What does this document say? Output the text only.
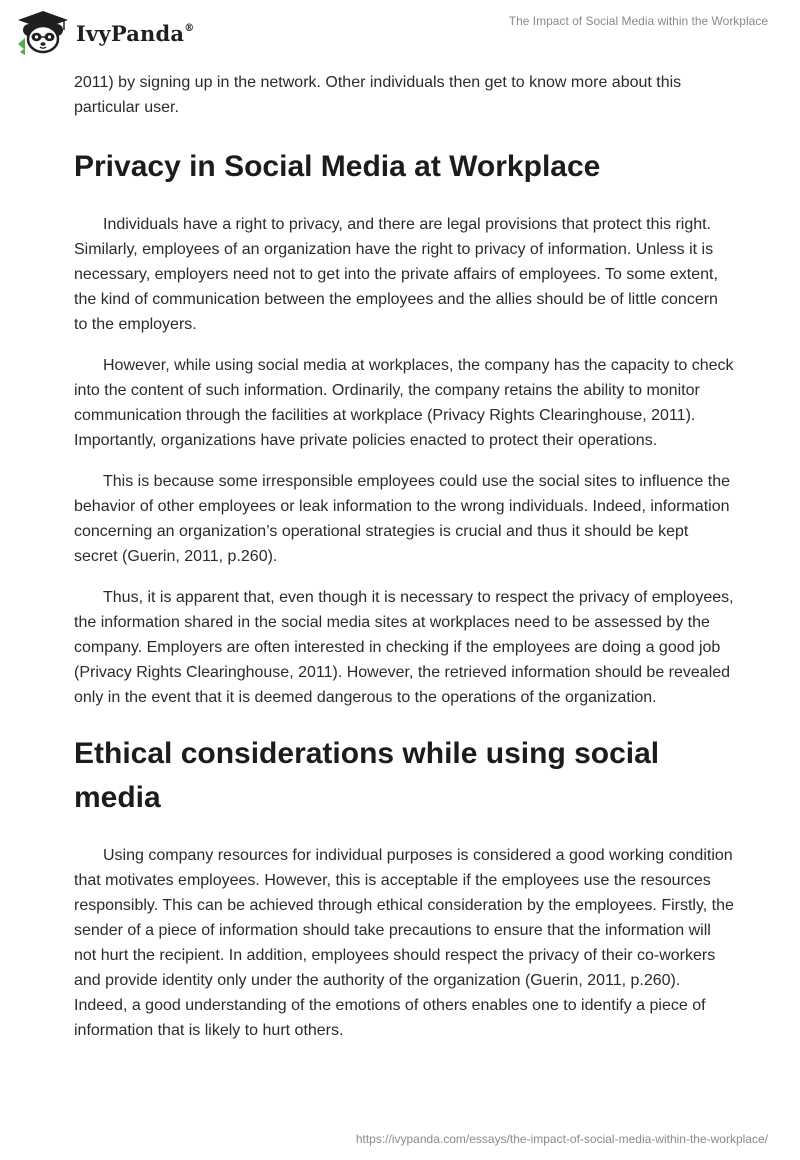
IvyPanda®	The Impact of Social Media within the Workplace

2011) by signing up in the network. Other individuals then get to know more about this particular user.

Privacy in Social Media at Workplace

Individuals have a right to privacy, and there are legal provisions that protect this right. Similarly, employees of an organization have the right to privacy of information. Unless it is necessary, employers need not to get into the private affairs of employees. To some extent, the kind of communication between the employees and the allies should be of little concern to the employers.

However, while using social media at workplaces, the company has the capacity to check into the content of such information. Ordinarily, the company retains the ability to monitor communication through the facilities at workplace (Privacy Rights Clearinghouse, 2011). Importantly, organizations have private policies enacted to protect their operations.

This is because some irresponsible employees could use the social sites to influence the behavior of other employees or leak information to the wrong individuals. Indeed, information concerning an organization’s operational strategies is crucial and thus it should be kept secret (Guerin, 2011, p.260).

Thus, it is apparent that, even though it is necessary to respect the privacy of employees, the information shared in the social media sites at workplaces need to be assessed by the company. Employers are often interested in checking if the employees are doing a good job (Privacy Rights Clearinghouse, 2011). However, the retrieved information should be revealed only in the event that it is deemed dangerous to the operations of the organization.

Ethical considerations while using social media

Using company resources for individual purposes is considered a good working condition that motivates employees. However, this is acceptable if the employees use the resources responsibly. This can be achieved through ethical consideration by the employees. Firstly, the sender of a piece of information should take precautions to ensure that the information will not hurt the recipient. In addition, employees should respect the privacy of their co-workers and provide identity only under the authority of the organization (Guerin, 2011, p.260). Indeed, a good understanding of the emotions of others enables one to identify a piece of information that is likely to hurt others.

https://ivypanda.com/essays/the-impact-of-social-media-within-the-workplace/
